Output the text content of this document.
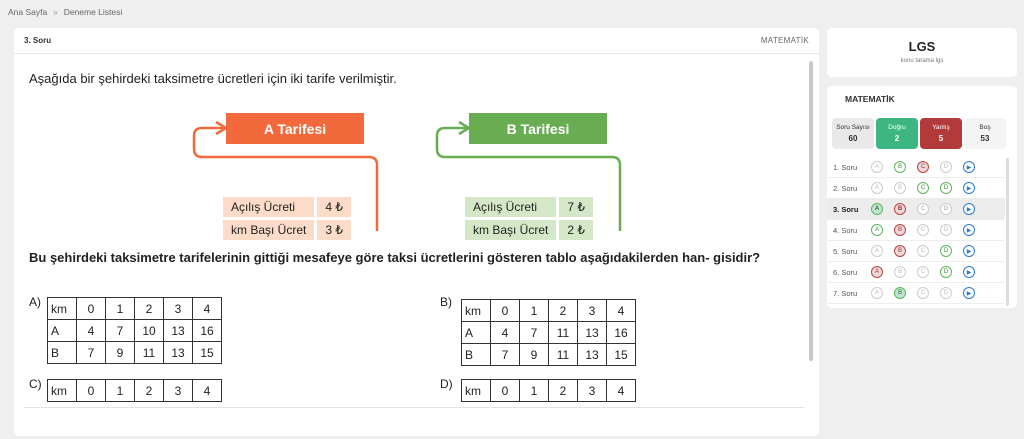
Ana Sayfa » Deneme Listesi
3. Soru	MATEMATİK
Aşağıda bir şehirdeki taksimetre ücretleri için iki tarife verilmiştir.
A Tarifesi	B Tarifesi
Açılış Ücreti	4 ₺
km Başı Ücret	3 ₺
Açılış Ücreti	7 ₺
km Başı Ücret	2 ₺
Bu şehirdeki taksimetre tarifelerinin gittiği mesafeye göre taksi ücretlerini gösteren tablo aşağıdakilerden han- gisidir?
A) km	0	1	2	3	4
A	4	7	10	13	16
B	7	9	11	13	15
B)
km	0	1	2	3	4
A	4	7	11	13	16
B	7	9	11	13	15
C) km	0	1	2	3	4	D) km	0	1	2	3	4
LGS
konu tarama lgs
MATEMATİK
Soru Sayısı
60
Doğru
2
Yanlış
5
Boş
53
1. Soru	A	B	C	D	▶
2. Soru	A	B	C	D	▶
3. Soru	A	B	C	D	▶
4. Soru	A	B	C	D	▶
5. Soru	A	B	C	D	▶
6. Soru	A	B	C	D	▶
7. Soru	A	B	C	D	▶
